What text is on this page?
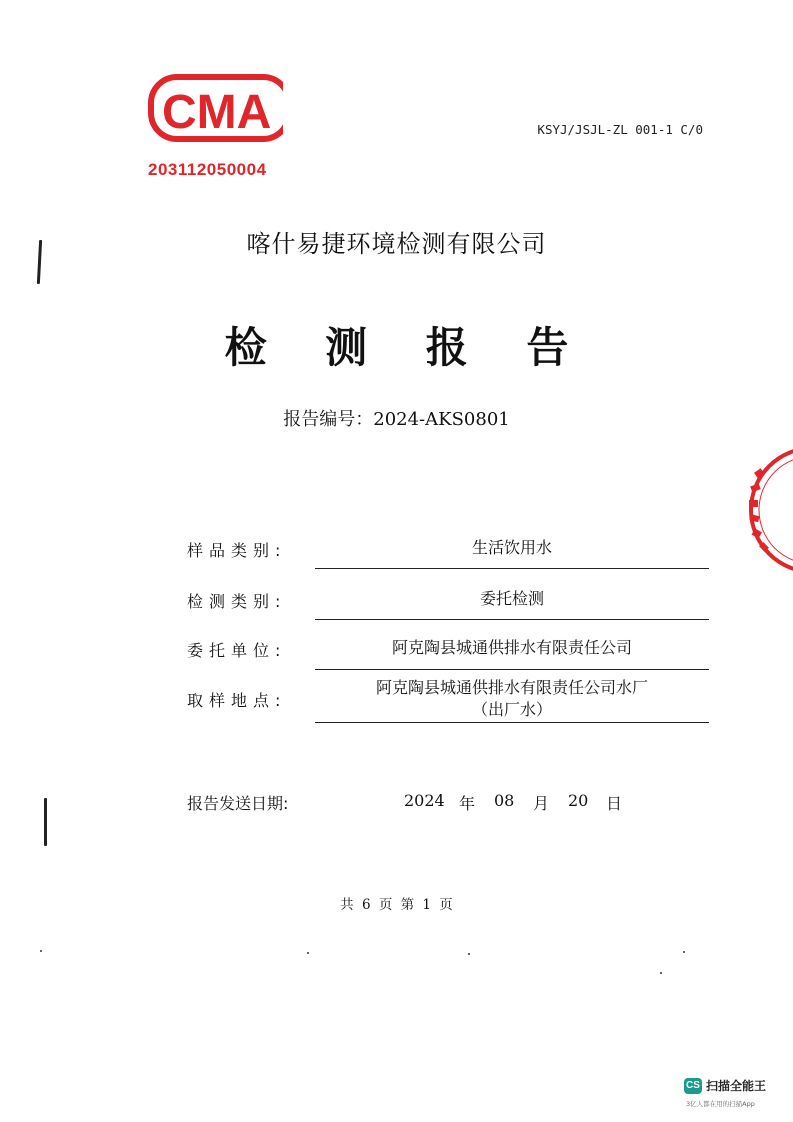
CMA
203112050004
KSYJ/JSJL-ZL 001-1 C/0
喀什易捷环境检测有限公司
检 测 报 告
报告编号：2024-AKS0801
样品类别:	生活饮用水
检测类别:	委托检测
委托单位:	阿克陶县城通供排水有限责任公司
取样地点:
阿克陶县城通供排水有限责任公司水厂
（出厂水）
报告发送日期:	2024 年 08 月 20 日
共 6 页 第 1 页
CS 扫描全能王
3亿人都在用的扫描App
